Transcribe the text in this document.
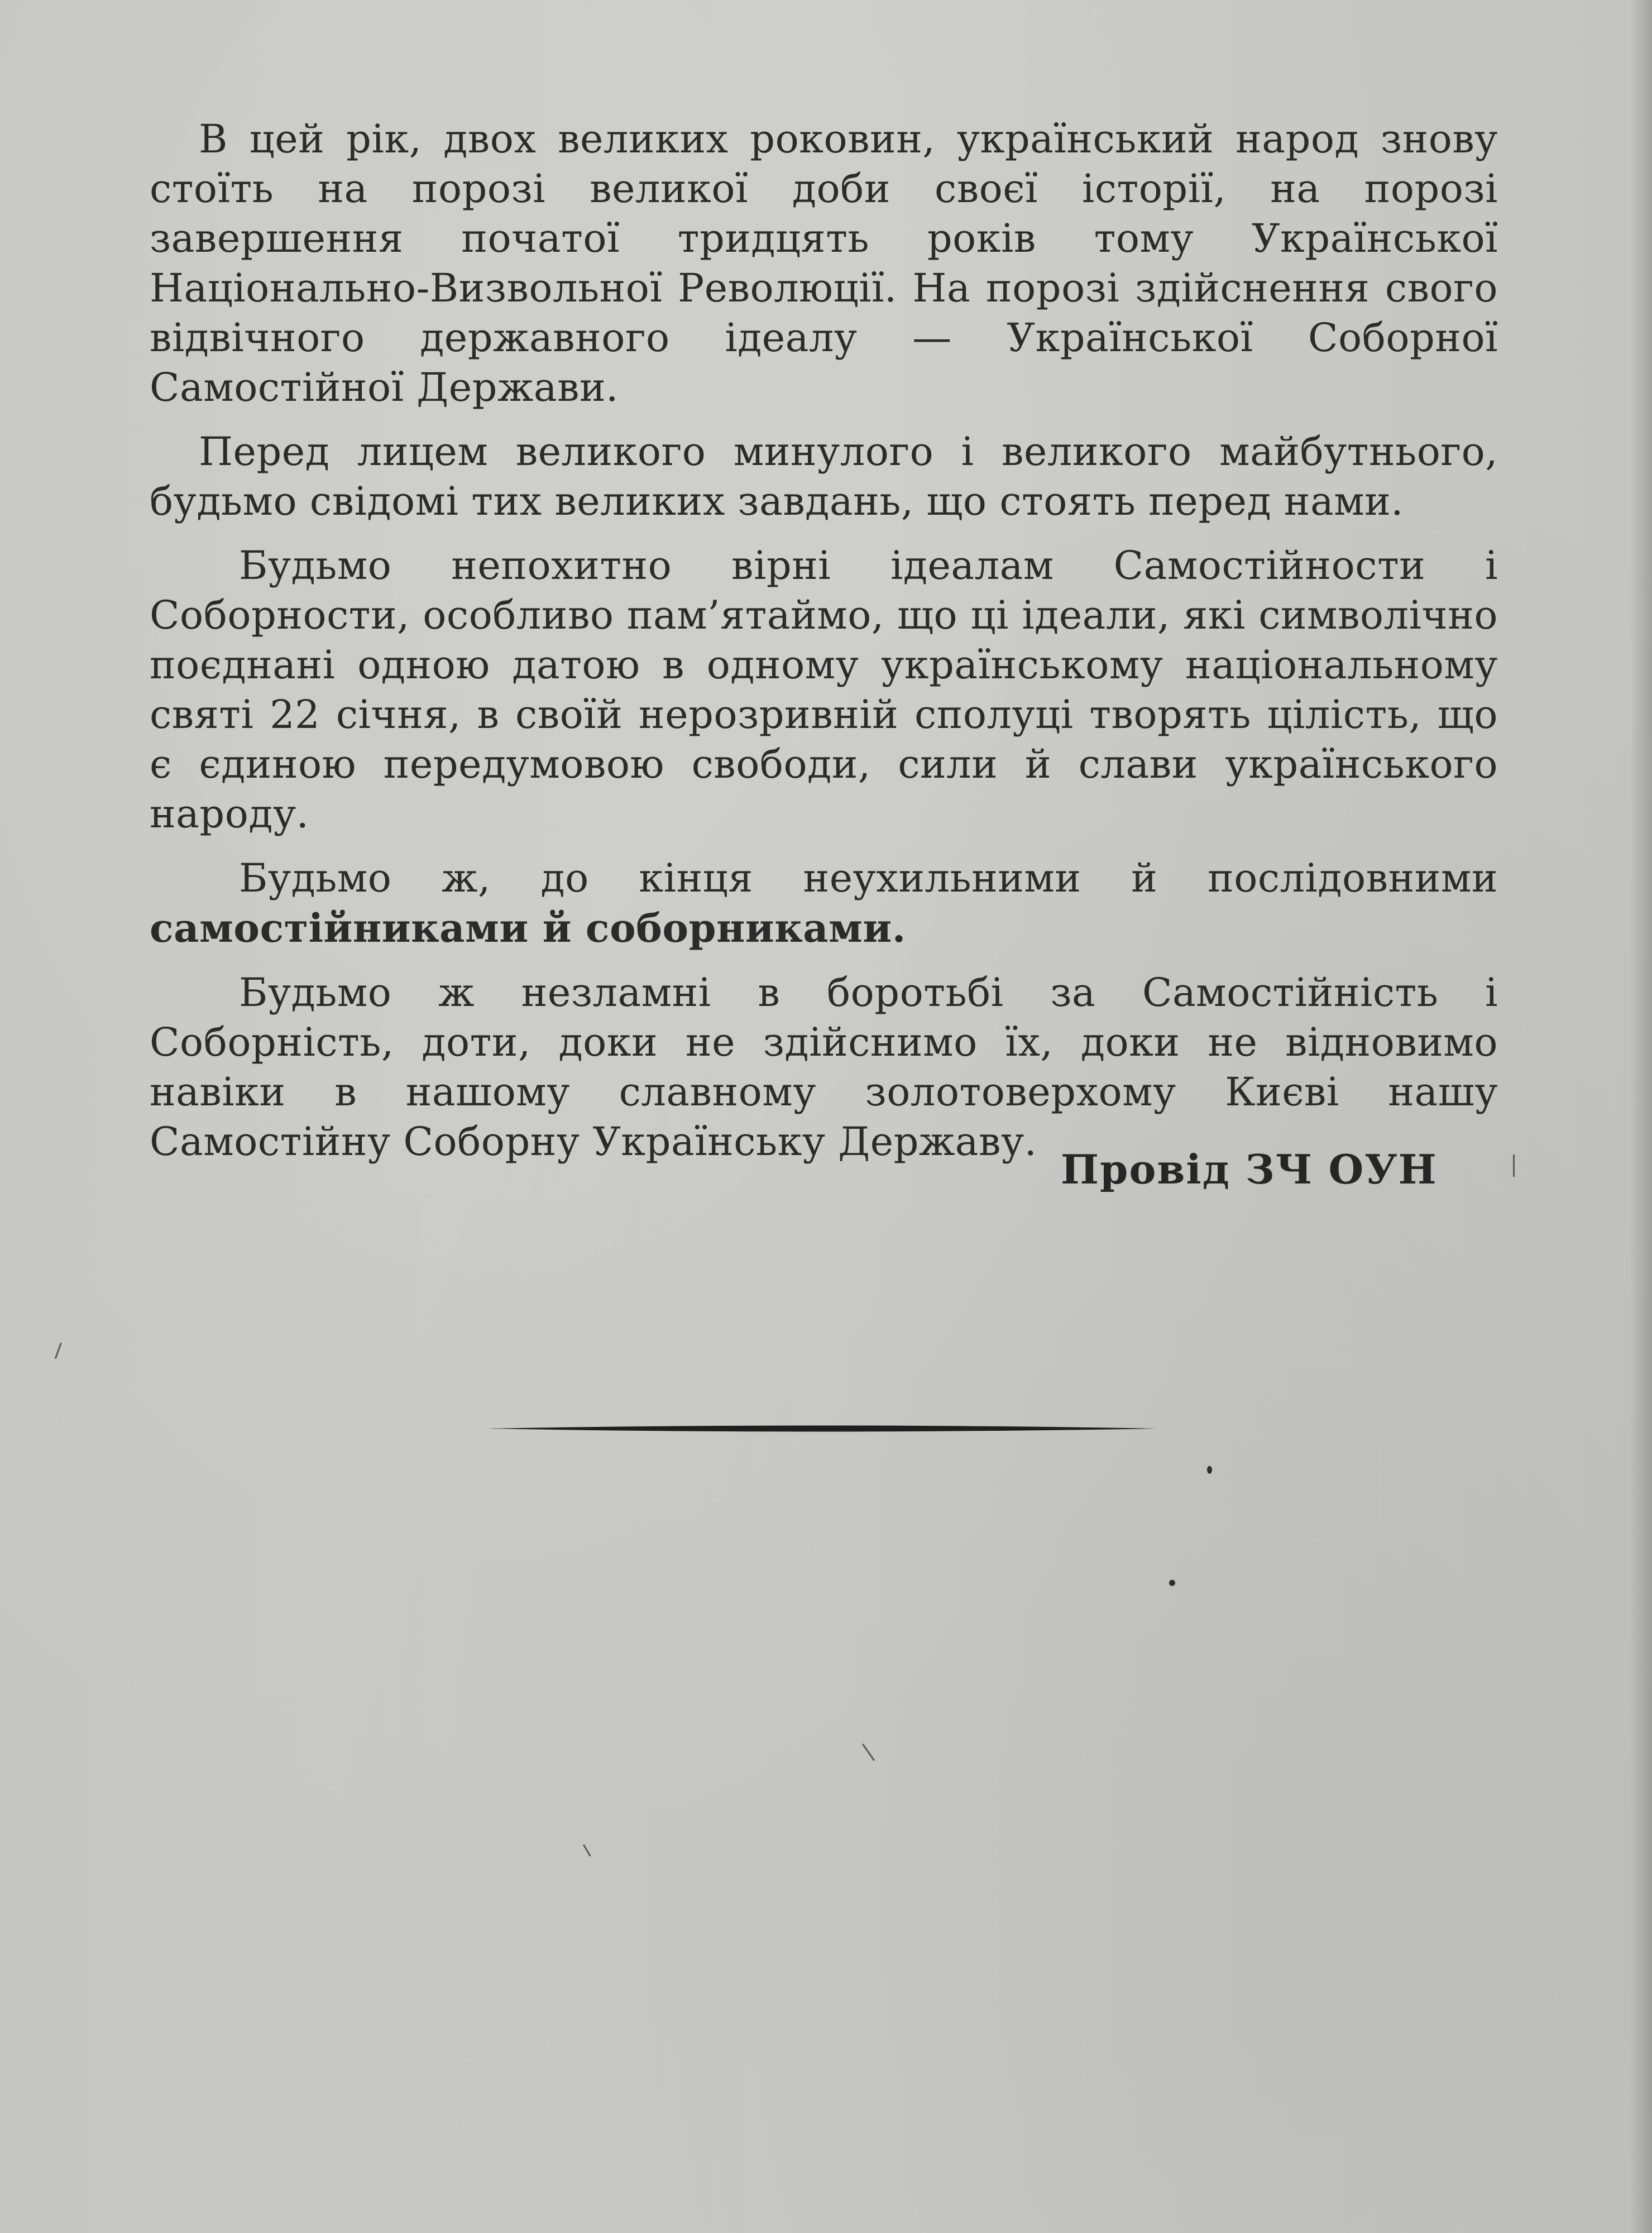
В цей рік, двох великих роковин, український народ знову стоїть на порозі великої доби своєї історії, на порозі завершення початої тридцять років тому Української Національно-Визвольної Революції. На порозі здійснення свого відвічного державного ідеалу — Української Соборної Самостійної Держави.

Перед лицем великого минулого і великого майбутнього, будьмо свідомі тих великих завдань, що стоять перед нами.

Будьмо непохитно вірні ідеалам Самостійности і Соборности, особливо пам’ятаймо, що ці ідеали, які символічно поєднані одною датою в одному українському національному святі 22 січня, в своїй нерозривній сполуці творять цілість, що є єдиною передумовою свободи, сили й слави українського народу.

Будьмо ж, до кінця неухильними й послідовними самостійниками й соборниками.

Будьмо ж незламні в боротьбі за Самостійність і Соборність, доти, доки не здійснимо їх, доки не відновимо навіки в нашому славному золотоверхому Києві нашу Самостійну Соборну Українську Державу.

Провід ЗЧ ОУН
